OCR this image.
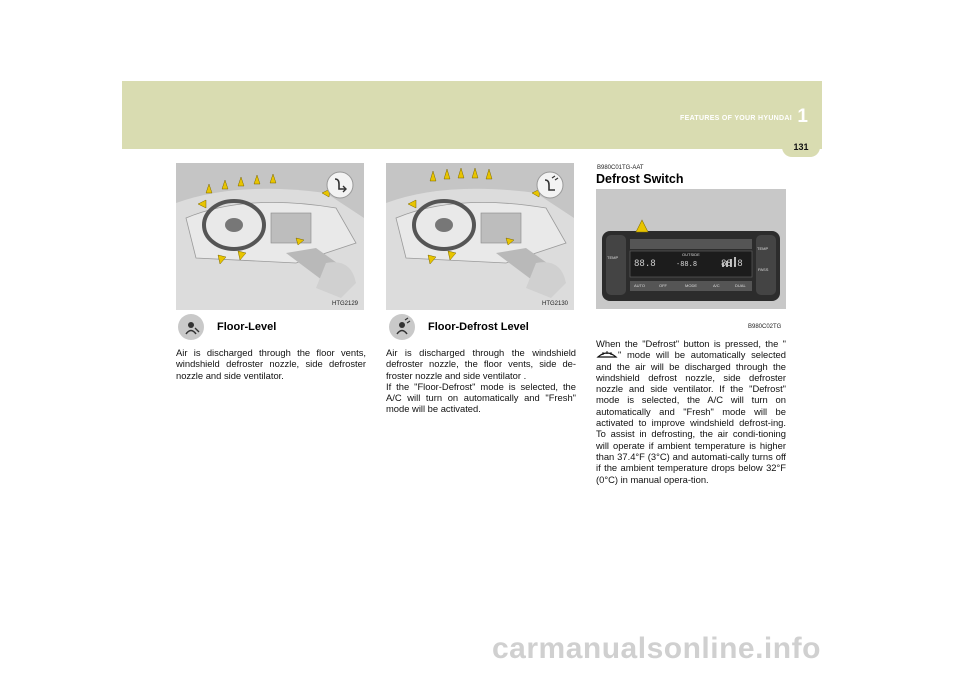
FEATURES OF YOUR HYUNDAI 1
131
HTG2129
Floor-Level
Air is discharged through the floor vents, windshield defroster nozzle, side defroster nozzle and side ventilator.
HTG2130
Floor-Defrost Level
Air is discharged through the windshield defroster nozzle, the floor vents, side de-froster nozzle and side ventilator .
If the "Floor-Defrost" mode is selected, the A/C will turn on automatically and "Fresh" mode will be activated.
B980C01TG-AAT
Defrost Switch
TEMP
TEMP
PASS
OUTSIDE
88.8	-88.8	88.8
AUTO	OFF	MODE	A/C	DUAL
B980C02TG
When the "Defrost" button is pressed, the "" mode will be automatically selected and the air will be discharged through the windshield defrost nozzle, side defroster nozzle and side ventilator. If the "Defrost" mode is selected, the A/C will turn on automatically and "Fresh" mode will be activated to improve windshield defrost-ing. To assist in defrosting, the air condi-tioning will operate if ambient temperature is higher than 37.4°F (3°C) and automati-cally turns off if the ambient temperature drops below 32°F (0°C) in manual opera-tion.
carmanualsonline.info
